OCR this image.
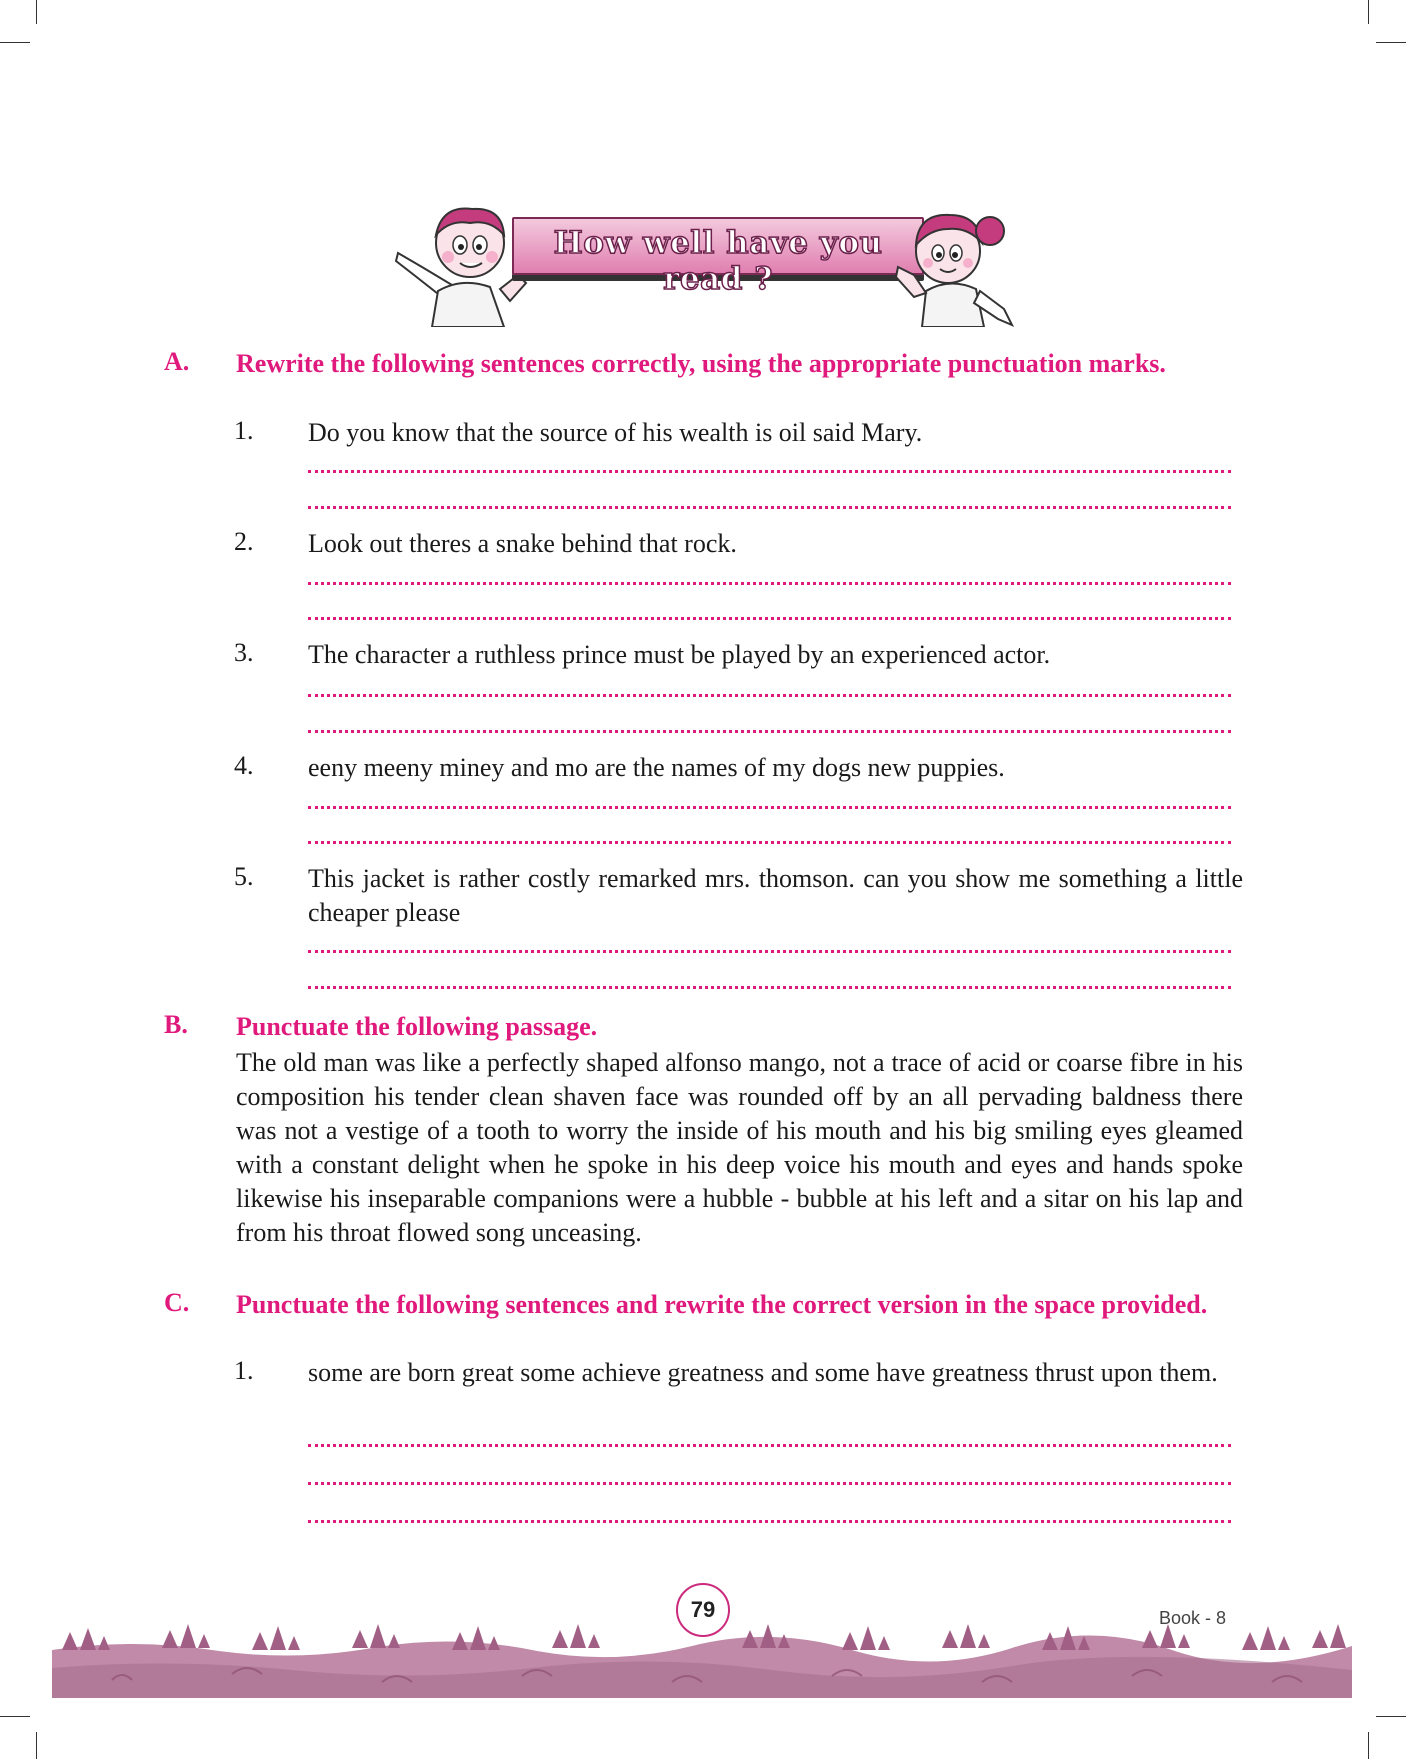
How well have you read ?
A. Rewrite the following sentences correctly, using the appropriate punctuation marks.
1. Do you know that the source of his wealth is oil said Mary.
2. Look out theres a snake behind that rock.
3. The character a ruthless prince must be played by an experienced actor.
4. eeny meeny miney and mo are the names of my dogs new puppies.
5. This jacket is rather costly remarked mrs. thomson. can you show me something a little cheaper please
B. Punctuate the following passage.
The old man was like a perfectly shaped alfonso mango, not a trace of acid or coarse fibre in his composition his tender clean shaven face was rounded off by an all pervading baldness there was not a vestige of a tooth to worry the inside of his mouth and his big smiling eyes gleamed with a constant delight when he spoke in his deep voice his mouth and eyes and hands spoke likewise his inseparable companions were a hubble - bubble at his left and a sitar on his lap and from his throat flowed song unceasing.
C. Punctuate the following sentences and rewrite the correct version in the space provided.
1. some are born great some achieve greatness and some have greatness thrust upon them.
79	Book - 8
